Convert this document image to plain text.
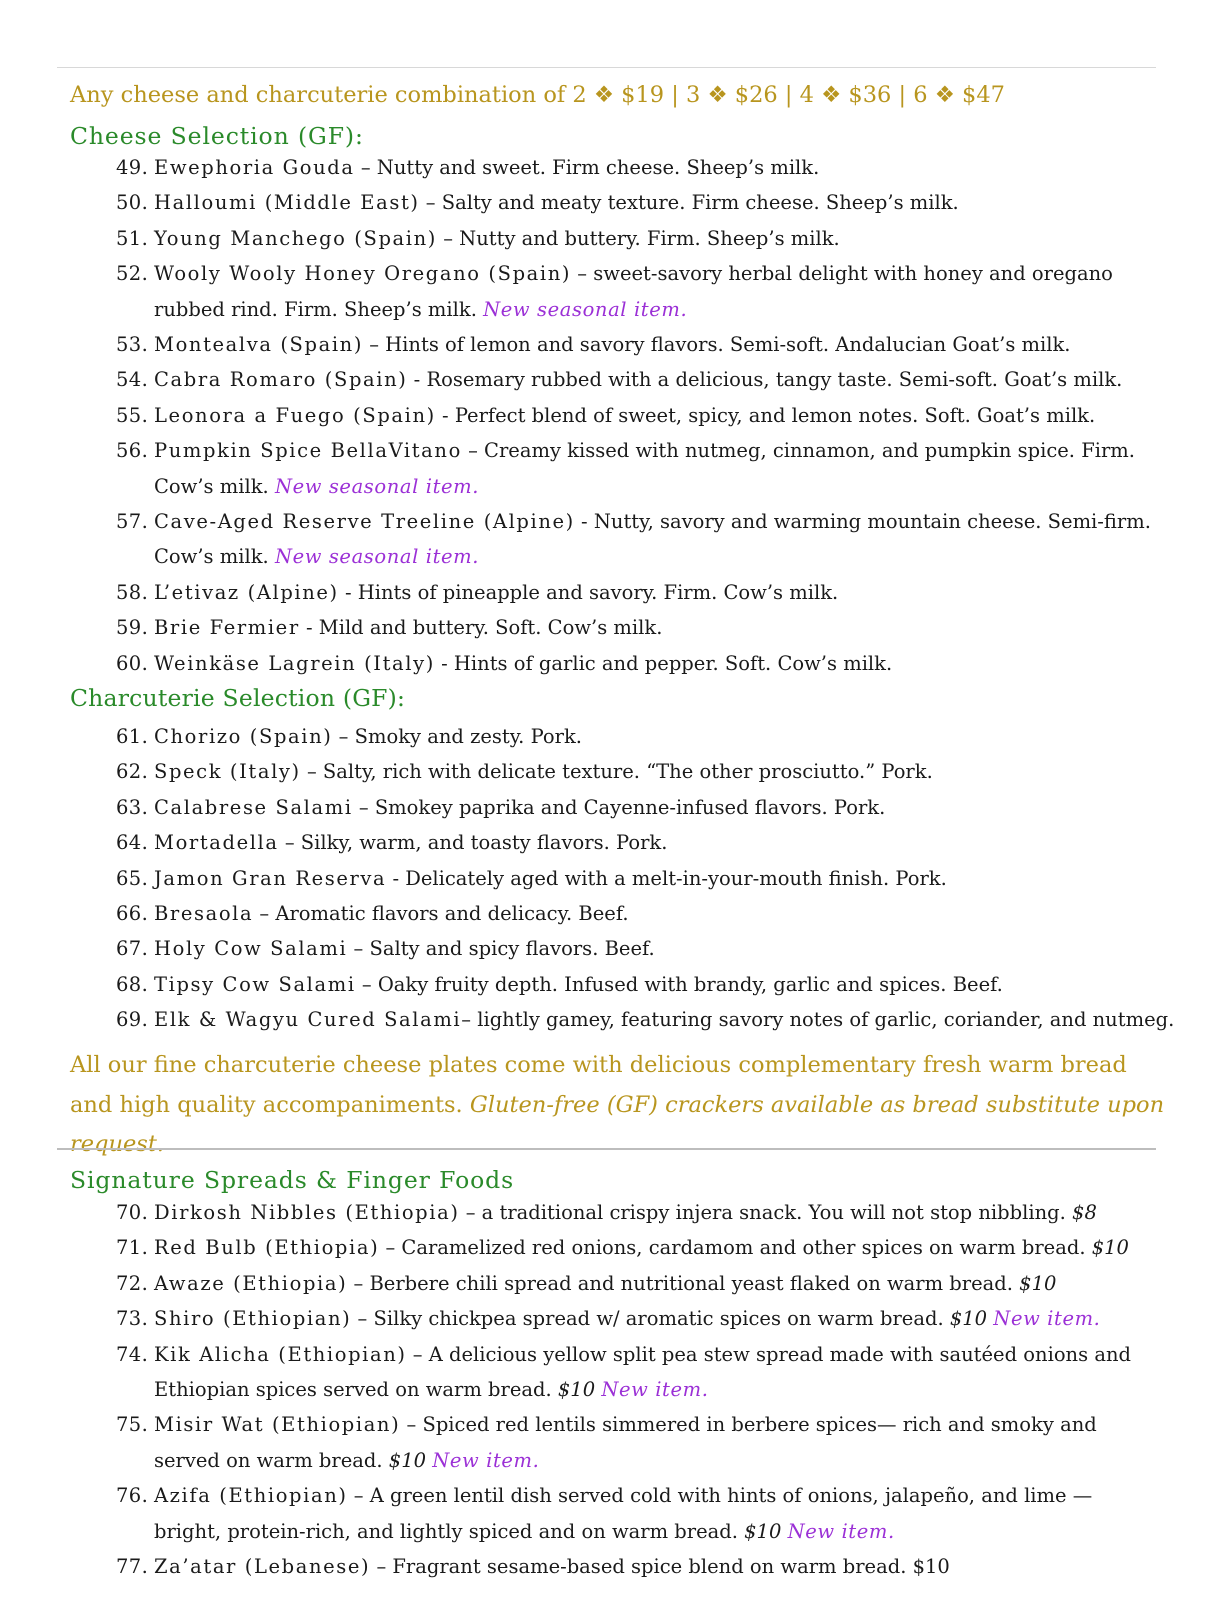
Any cheese and charcuterie combination of 2 ❖ $19 | 3 ❖ $26 | 4 ❖ $36 | 6 ❖ $47
Cheese Selection (GF):
49. Ewephoria Gouda – Nutty and sweet. Firm cheese. Sheep’s milk.
50. Halloumi (Middle East) – Salty and meaty texture. Firm cheese. Sheep’s milk.
51. Young Manchego (Spain) – Nutty and buttery. Firm. Sheep’s milk.
52. Wooly Wooly Honey Oregano (Spain) – sweet-savory herbal delight with honey and oregano
rubbed rind. Firm. Sheep’s milk. New seasonal item.
53. Montealva (Spain) – Hints of lemon and savory flavors. Semi-soft. Andalucian Goat’s milk.
54. Cabra Romaro (Spain) - Rosemary rubbed with a delicious, tangy taste. Semi-soft. Goat’s milk.
55. Leonora a Fuego (Spain) - Perfect blend of sweet, spicy, and lemon notes. Soft. Goat’s milk.
56. Pumpkin Spice BellaVitano – Creamy kissed with nutmeg, cinnamon, and pumpkin spice. Firm.
Cow’s milk. New seasonal item.
57. Cave-Aged Reserve Treeline (Alpine) - Nutty, savory and warming mountain cheese. Semi-firm.
Cow’s milk. New seasonal item.
58. L’etivaz (Alpine) - Hints of pineapple and savory. Firm. Cow’s milk.
59. Brie Fermier - Mild and buttery. Soft. Cow’s milk.
60. Weinkäse Lagrein (Italy) - Hints of garlic and pepper. Soft. Cow’s milk.
Charcuterie Selection (GF):
61. Chorizo (Spain) – Smoky and zesty. Pork.
62. Speck (Italy) – Salty, rich with delicate texture. “The other prosciutto.” Pork.
63. Calabrese Salami – Smokey paprika and Cayenne-infused flavors. Pork.
64. Mortadella – Silky, warm, and toasty flavors. Pork.
65. Jamon Gran Reserva - Delicately aged with a melt-in-your-mouth finish. Pork.
66. Bresaola – Aromatic flavors and delicacy. Beef.
67. Holy Cow Salami – Salty and spicy flavors. Beef.
68. Tipsy Cow Salami – Oaky fruity depth. Infused with brandy, garlic and spices. Beef.
69. Elk & Wagyu Cured Salami– lightly gamey, featuring savory notes of garlic, coriander, and nutmeg.
All our fine charcuterie cheese plates come with delicious complementary fresh warm bread and high quality accompaniments. Gluten-free (GF) crackers available as bread substitute upon request.
Signature Spreads & Finger Foods
70. Dirkosh Nibbles (Ethiopia) – a traditional crispy injera snack. You will not stop nibbling. $8
71. Red Bulb (Ethiopia) – Caramelized red onions, cardamom and other spices on warm bread. $10
72. Awaze (Ethiopia) – Berbere chili spread and nutritional yeast flaked on warm bread. $10
73. Shiro (Ethiopian) – Silky chickpea spread w/ aromatic spices on warm bread. $10 New item.
74. Kik Alicha (Ethiopian) – A delicious yellow split pea stew spread made with sautéed onions and
Ethiopian spices served on warm bread. $10 New item.
75. Misir Wat (Ethiopian) – Spiced red lentils simmered in berbere spices— rich and smoky and
served on warm bread. $10 New item.
76. Azifa (Ethiopian) – A green lentil dish served cold with hints of onions, jalapeño, and lime —
bright, protein-rich, and lightly spiced and on warm bread. $10 New item.
77. Za’atar (Lebanese) – Fragrant sesame-based spice blend on warm bread. $10
